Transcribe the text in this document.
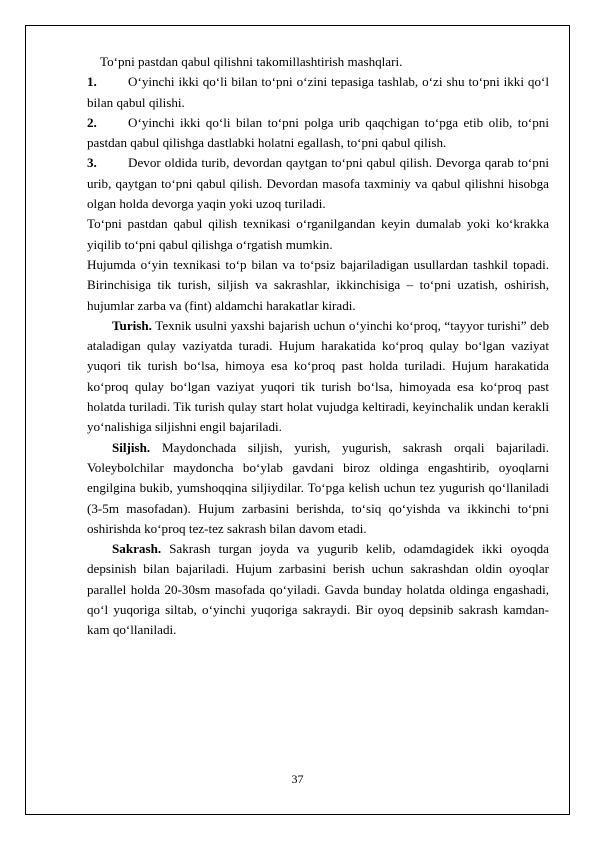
To‘pni pastdan qabul qilishni takomillashtirish mashqlari.

1.	O‘yinchi ikki qo‘li bilan to‘pni o‘zini tepasiga tashlab, o‘zi shu to‘pni ikki qo‘l bilan qabul qilishi.

2.	O‘yinchi ikki qo‘li bilan to‘pni polga urib qaqchigan to‘pga etib olib, to‘pni pastdan qabul qilishga dastlabki holatni egallash, to‘pni qabul qilish.

3.	Devor oldida turib, devordan qaytgan to‘pni qabul qilish. Devorga qarab to‘pni urib, qaytgan to‘pni qabul qilish. Devordan masofa taxminiy va qabul qilishni hisobga olgan holda devorga yaqin yoki uzoq turiladi.

To‘pni pastdan qabul qilish texnikasi o‘rganilgandan keyin dumalab yoki ko‘krakka yiqilib to‘pni qabul qilishga o‘rgatish mumkin.

Hujumda o‘yin texnikasi to‘p bilan va to‘psiz bajariladigan usullardan tashkil topadi. Birinchisiga tik turish, siljish va sakrashlar, ikkinchisiga – to‘pni uzatish, oshirish, hujumlar zarba va (fint) aldamchi harakatlar kiradi.

Turish. Texnik usulni yaxshi bajarish uchun o‘yinchi ko‘proq, “tayyor turishi” deb ataladigan qulay vaziyatda turadi. Hujum harakatida ko‘proq qulay bo‘lgan vaziyat yuqori tik turish bo‘lsa, himoya esa ko‘proq past holda turiladi. Hujum harakatida ko‘proq qulay bo‘lgan vaziyat yuqori tik turish bo‘lsa, himoyada esa ko‘proq past holatda turiladi. Tik turish qulay start holat vujudga keltiradi, keyinchalik undan kerakli yo‘nalishiga siljishni engil bajariladi.

Siljish. Maydonchada siljish, yurish, yugurish, sakrash orqali bajariladi. Voleybolchilar maydoncha bo‘ylab gavdani biroz oldinga engashtirib, oyoqlarni engilgina bukib, yumshoqqina siljiydilar. To‘pga kelish uchun tez yugurish qo‘llaniladi (3-5m masofadan). Hujum zarbasini berishda, to‘siq qo‘yishda va ikkinchi to‘pni oshirishda ko‘proq tez-tez sakrash bilan davom etadi.

Sakrash. Sakrash turgan joyda va yugurib kelib, odamdagidek ikki oyoqda depsinish bilan bajariladi. Hujum zarbasini berish uchun sakrashdan oldin oyoqlar parallel holda 20-30sm masofada qo‘yiladi. Gavda bunday holatda oldinga engashadi, qo‘l yuqoriga siltab, o‘yinchi yuqoriga sakraydi. Bir oyoq depsinib sakrash kamdan-kam qo‘llaniladi.

37
